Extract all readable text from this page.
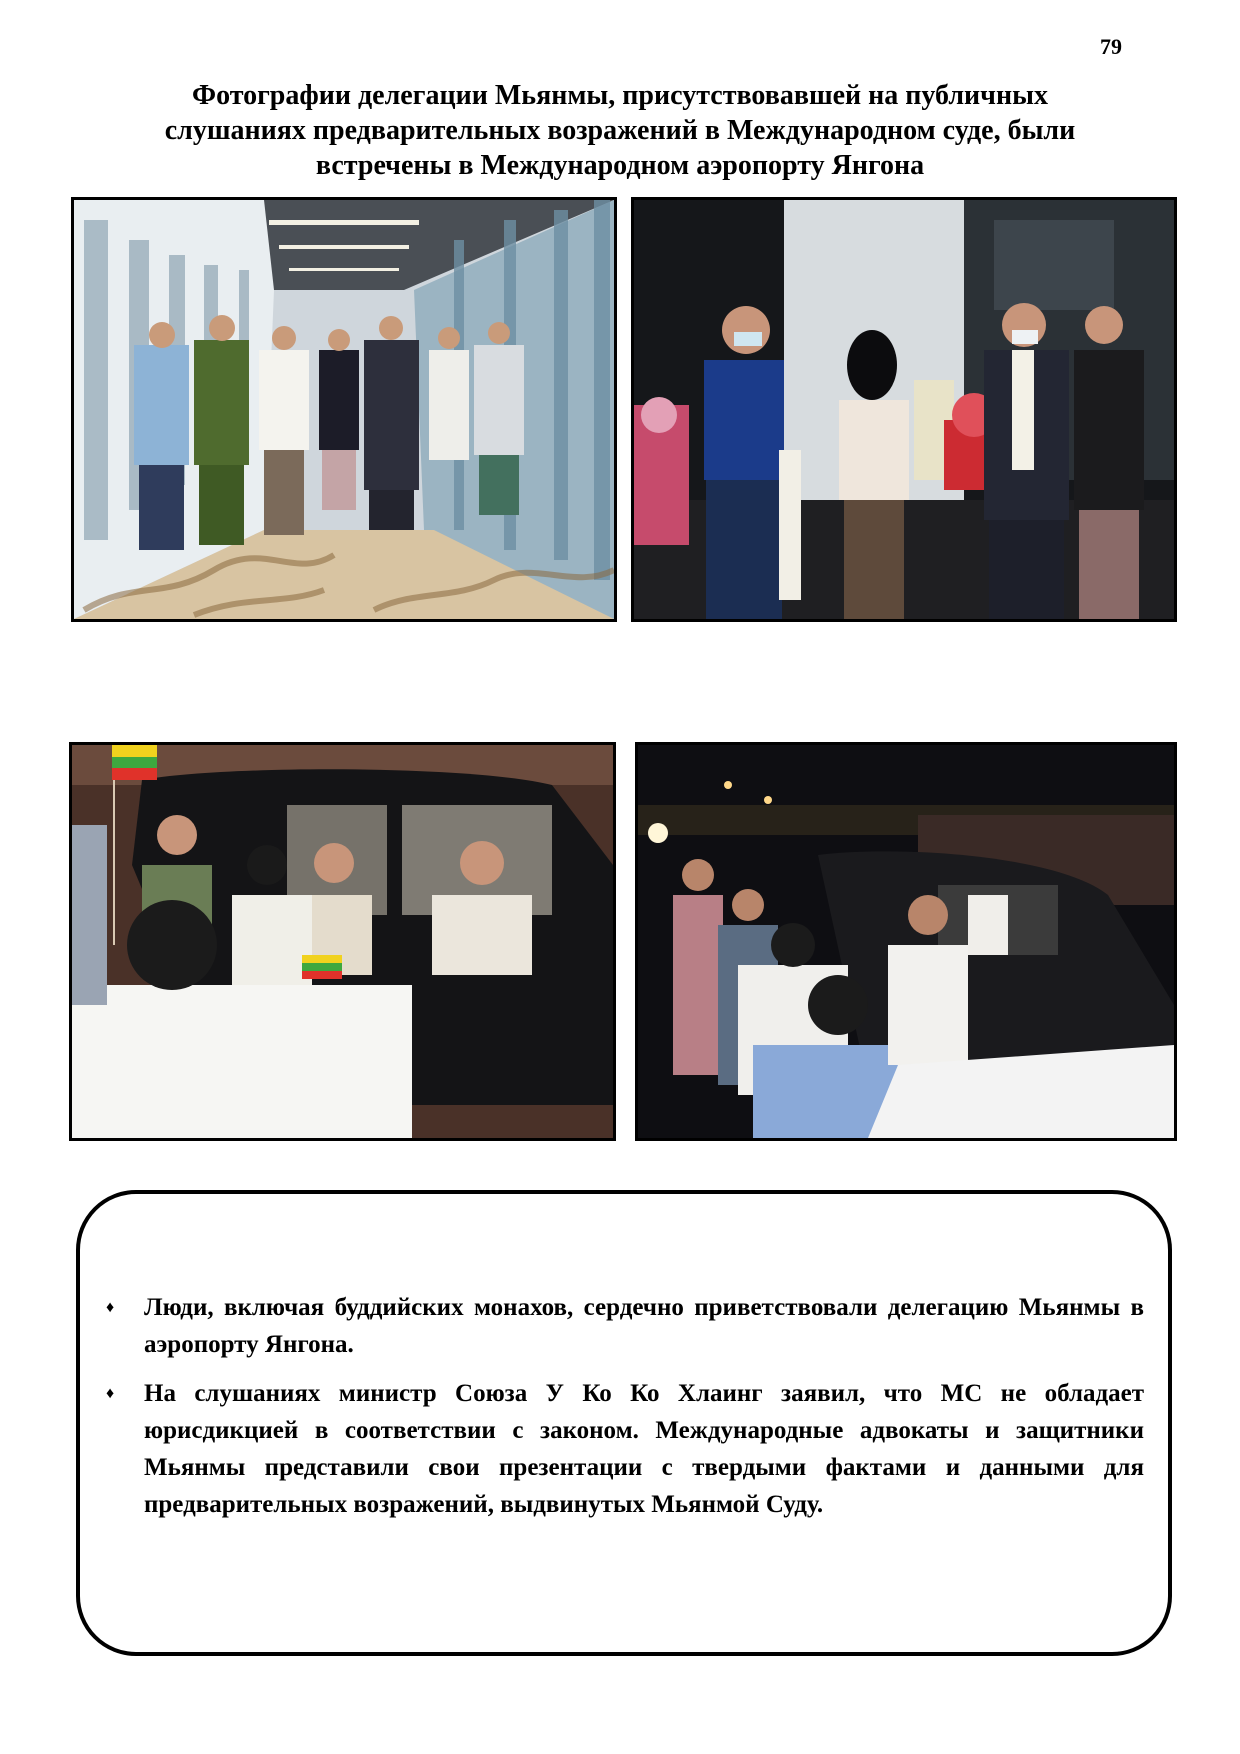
79
Фотографии делегации Мьянмы, присутствовавшей на публичных
слушаниях предварительных возражений в Международном суде, были
встречены в Международном аэропорту Янгона
♦	Люди, включая буддийских монахов, сердечно приветствовали делегацию Мьянмы в аэропорту Янгона.
♦	На слушаниях министр Союза У Ко Ко Хлаинг заявил, что МС не обладает юрисдикцией в соответствии с законом. Международные адвокаты и защитники Мьянмы представили свои презентации с твердыми фактами и данными для предварительных возражений, выдвинутых Мьянмой Суду.
